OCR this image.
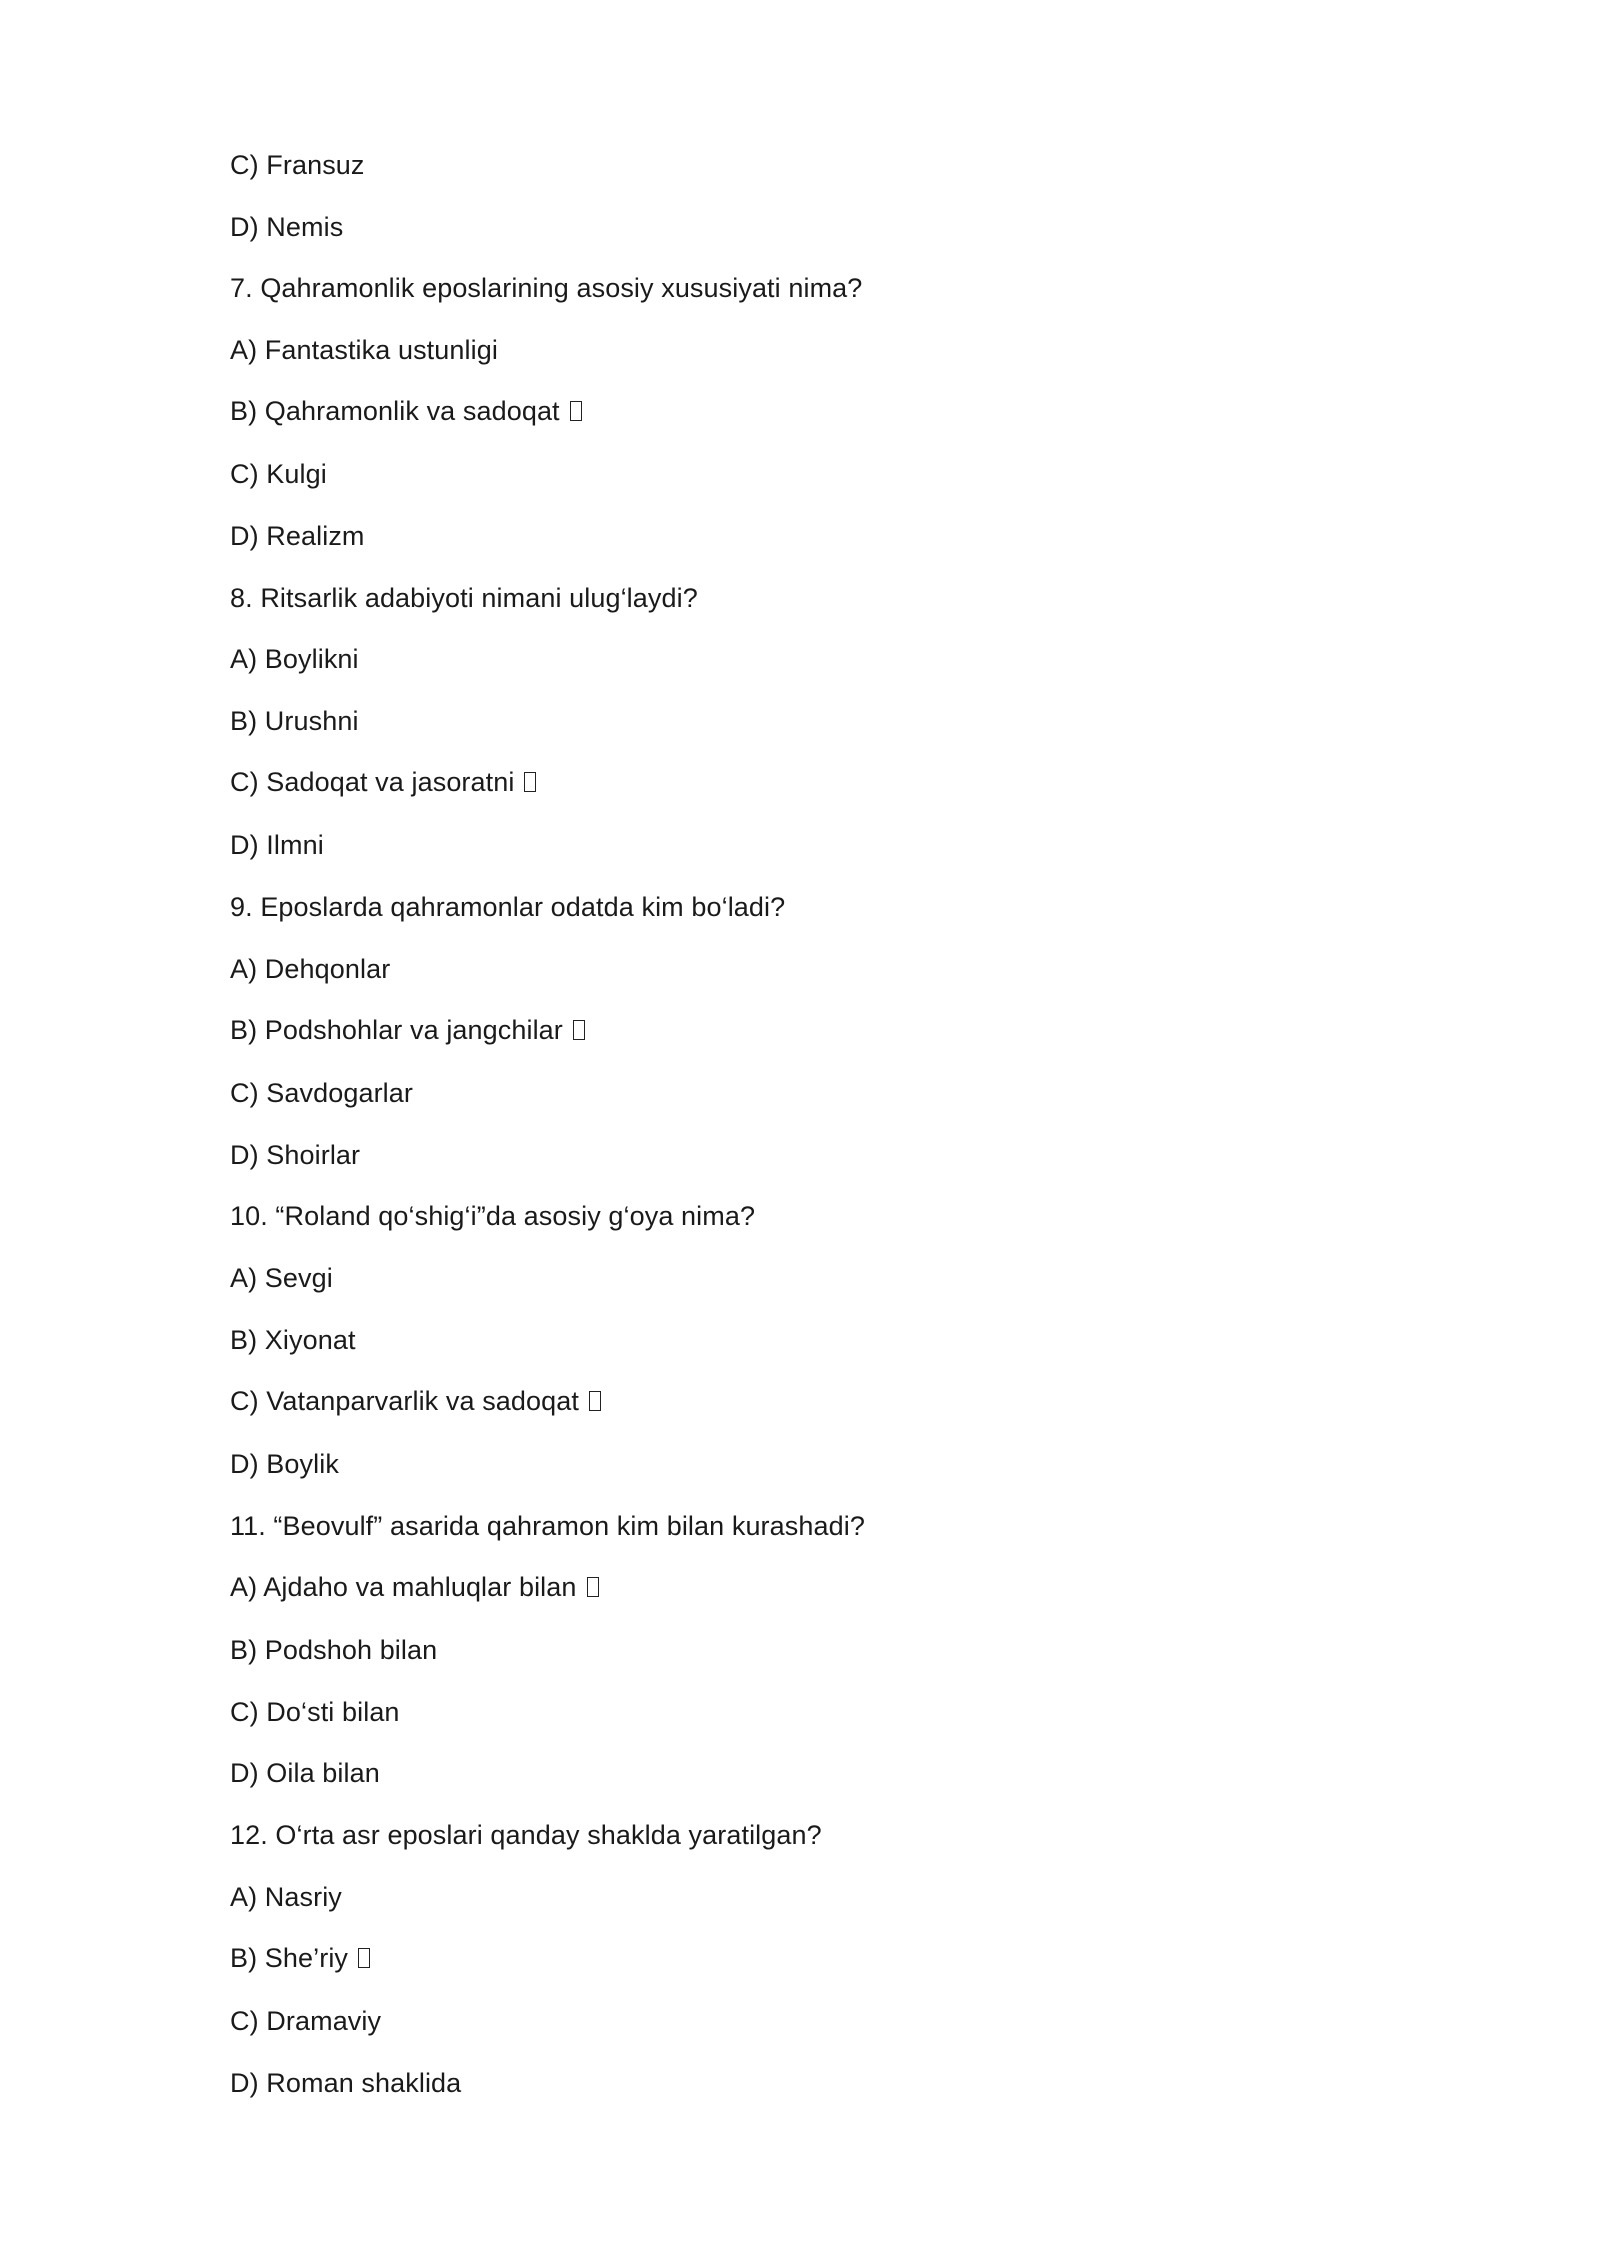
C) Fransuz
D) Nemis
7. Qahramonlik eposlarining asosiy xususiyati nima?
A) Fantastika ustunligi
B) Qahramonlik va sadoqat
C) Kulgi
D) Realizm
8. Ritsarlik adabiyoti nimani ulug‘laydi?
A) Boylikni
B) Urushni
C) Sadoqat va jasoratni
D) Ilmni
9. Eposlarda qahramonlar odatda kim bo‘ladi?
A) Dehqonlar
B) Podshohlar va jangchilar
C) Savdogarlar
D) Shoirlar
10. “Roland qo‘shig‘i”da asosiy g‘oya nima?
A) Sevgi
B) Xiyonat
C) Vatanparvarlik va sadoqat
D) Boylik
11. “Beovulf” asarida qahramon kim bilan kurashadi?
A) Ajdaho va mahluqlar bilan
B) Podshoh bilan
C) Do‘sti bilan
D) Oila bilan
12. O‘rta asr eposlari qanday shaklda yaratilgan?
A) Nasriy
B) She’riy
C) Dramaviy
D) Roman shaklida
